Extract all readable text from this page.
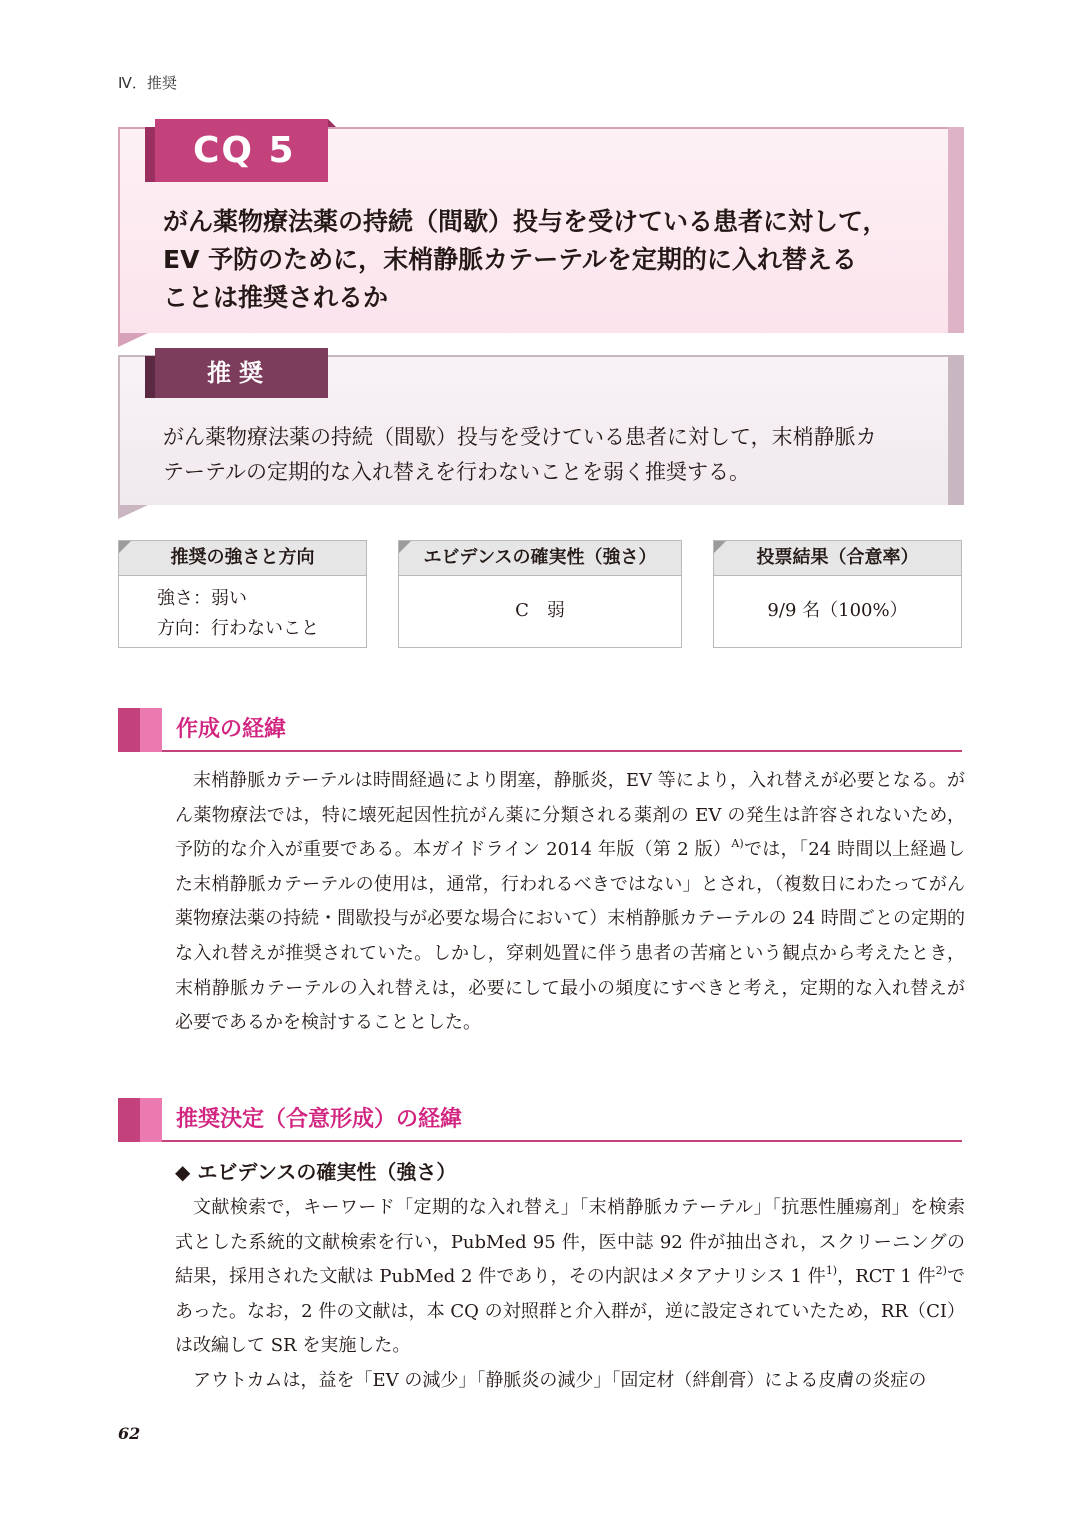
Ⅳ．推奨
CQ 5
がん薬物療法薬の持続（間歇）投与を受けている患者に対して，
EV 予防のために，末梢静脈カテーテルを定期的に入れ替える
ことは推奨されるか
推奨
がん薬物療法薬の持続（間歇）投与を受けている患者に対して，末梢静脈カ
テーテルの定期的な入れ替えを行わないことを弱く推奨する。
推奨の強さと方向
強さ：弱い
方向：行わないこと
エビデンスの確実性（強さ）
C　弱
投票結果（合意率）
9/9 名（100%）
作成の経緯

末梢静脈カテーテルは時間経過により閉塞，静脈炎，EV 等により，入れ替えが必要となる。がん薬物療法では，特に壊死起因性抗がん薬に分類される薬剤の EV の発生は許容されないため，予防的な介入が重要である。本ガイドライン 2014 年版（第 2 版）$^{A)}$では，「24 時間以上経過した末梢静脈カテーテルの使用は，通常，行われるべきではない」とされ，（複数日にわたってがん薬物療法薬の持続・間歇投与が必要な場合において）末梢静脈カテーテルの 24 時間ごとの定期的な入れ替えが推奨されていた。しかし，穿刺処置に伴う患者の苦痛という観点から考えたとき，末梢静脈カテーテルの入れ替えは，必要にして最小の頻度にすべきと考え，定期的な入れ替えが必要であるかを検討することとした。

推奨決定（合意形成）の経緯
◆ エビデンスの確実性（強さ）

文献検索で，キーワード「定期的な入れ替え」「末梢静脈カテーテル」「抗悪性腫瘍剤」を検索式とした系統的文献検索を行い，PubMed 95 件，医中誌 92 件が抽出され，スクリーニングの結果，採用された文献は PubMed 2 件であり，その内訳はメタアナリシス 1 件$^{1)}$，RCT 1 件$^{2)}$であった。なお，2 件の文献は，本 CQ の対照群と介入群が，逆に設定されていたため，RR（CI）は改編して SR を実施した。

アウトカムは，益を「EV の減少」「静脈炎の減少」「固定材（絆創膏）による皮膚の炎症の

62
